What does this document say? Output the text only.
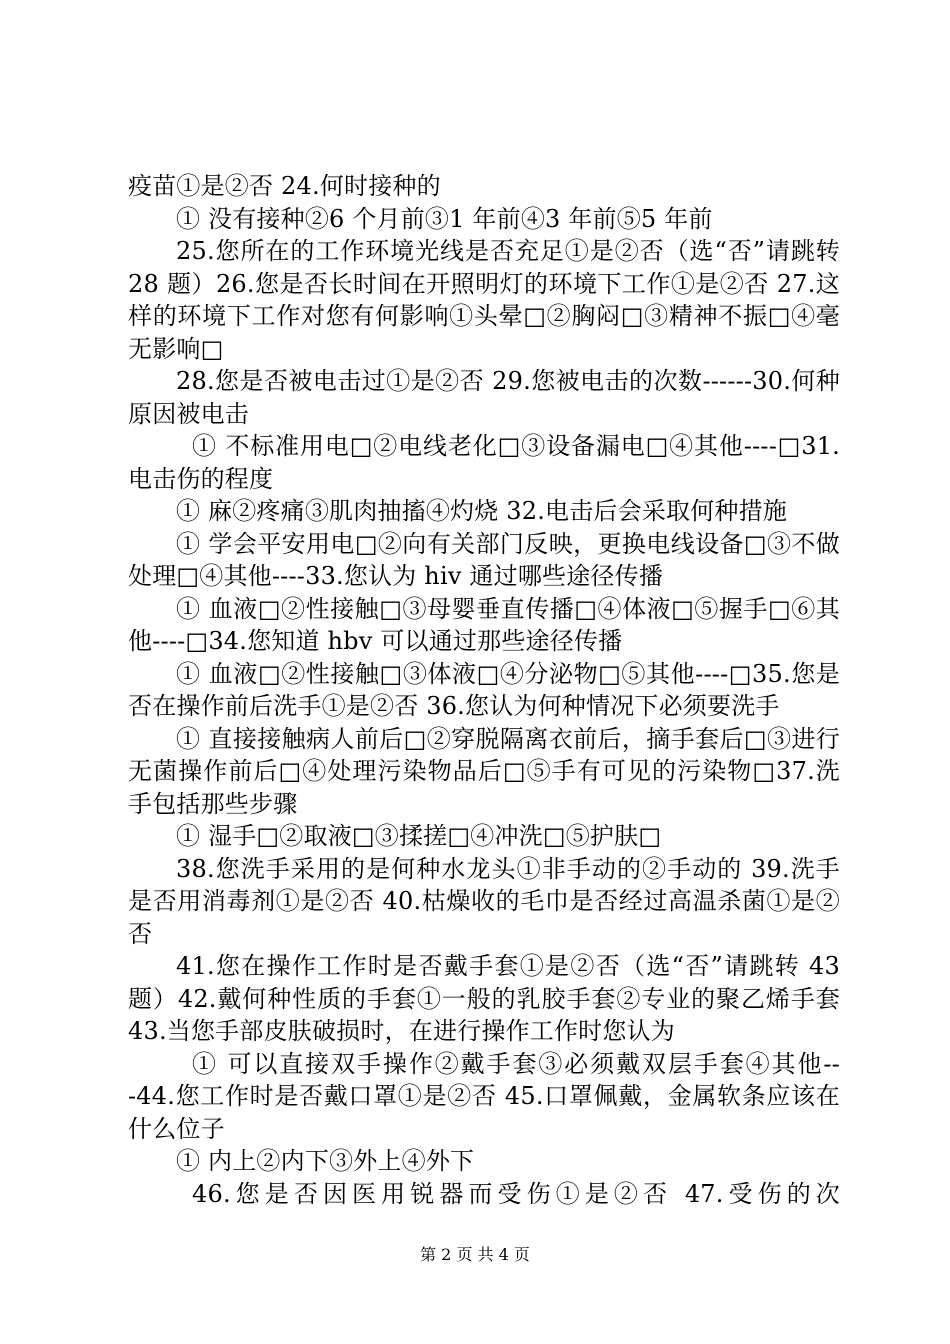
疫苗①是②否 24.何时接种的

① 没有接种②6 个月前③1 年前④3 年前⑤5 年前

25.您所在的工作环境光线是否充足①是②否（选“否”请跳转 28 题）26.您是否长时间在开照明灯的环境下工作①是②否 27.这样的环境下工作对您有何影响①头晕□②胸闷□③精神不振□④毫无影响□

28.您是否被电击过①是②否 29.您被电击的次数------30.何种原因被电击

① 不标准用电□②电线老化□③设备漏电□④其他----□31.电击伤的程度

① 麻②疼痛③肌肉抽搐④灼烧 32.电击后会采取何种措施

① 学会平安用电□②向有关部门反映，更换电线设备□③不做处理□④其他----33.您认为 hiv 通过哪些途径传播

① 血液□②性接触□③母婴垂直传播□④体液□⑤握手□⑥其他----□34.您知道 hbv 可以通过那些途径传播

① 血液□②性接触□③体液□④分泌物□⑤其他----□35.您是否在操作前后洗手①是②否 36.您认为何种情况下必须要洗手

① 直接接触病人前后□②穿脱隔离衣前后，摘手套后□③进行无菌操作前后□④处理污染物品后□⑤手有可见的污染物□37.洗手包括那些步骤

① 湿手□②取液□③揉搓□④冲洗□⑤护肤□

38.您洗手采用的是何种水龙头①非手动的②手动的 39.洗手是否用消毒剂①是②否 40.枯燥收的毛巾是否经过高温杀菌①是②否

41.您在操作工作时是否戴手套①是②否（选“否”请跳转 43 题）42.戴何种性质的手套①一般的乳胶手套②专业的聚乙烯手套 43.当您手部皮肤破损时，在进行操作工作时您认为

① 可以直接双手操作②戴手套③必须戴双层手套④其他---44.您工作时是否戴口罩①是②否 45.口罩佩戴，金属软条应该在什么位子

① 内上②内下③外上④外下

46.您是否因医用锐器而受伤①是②否 47.受伤的次

第 2 页 共 4 页
